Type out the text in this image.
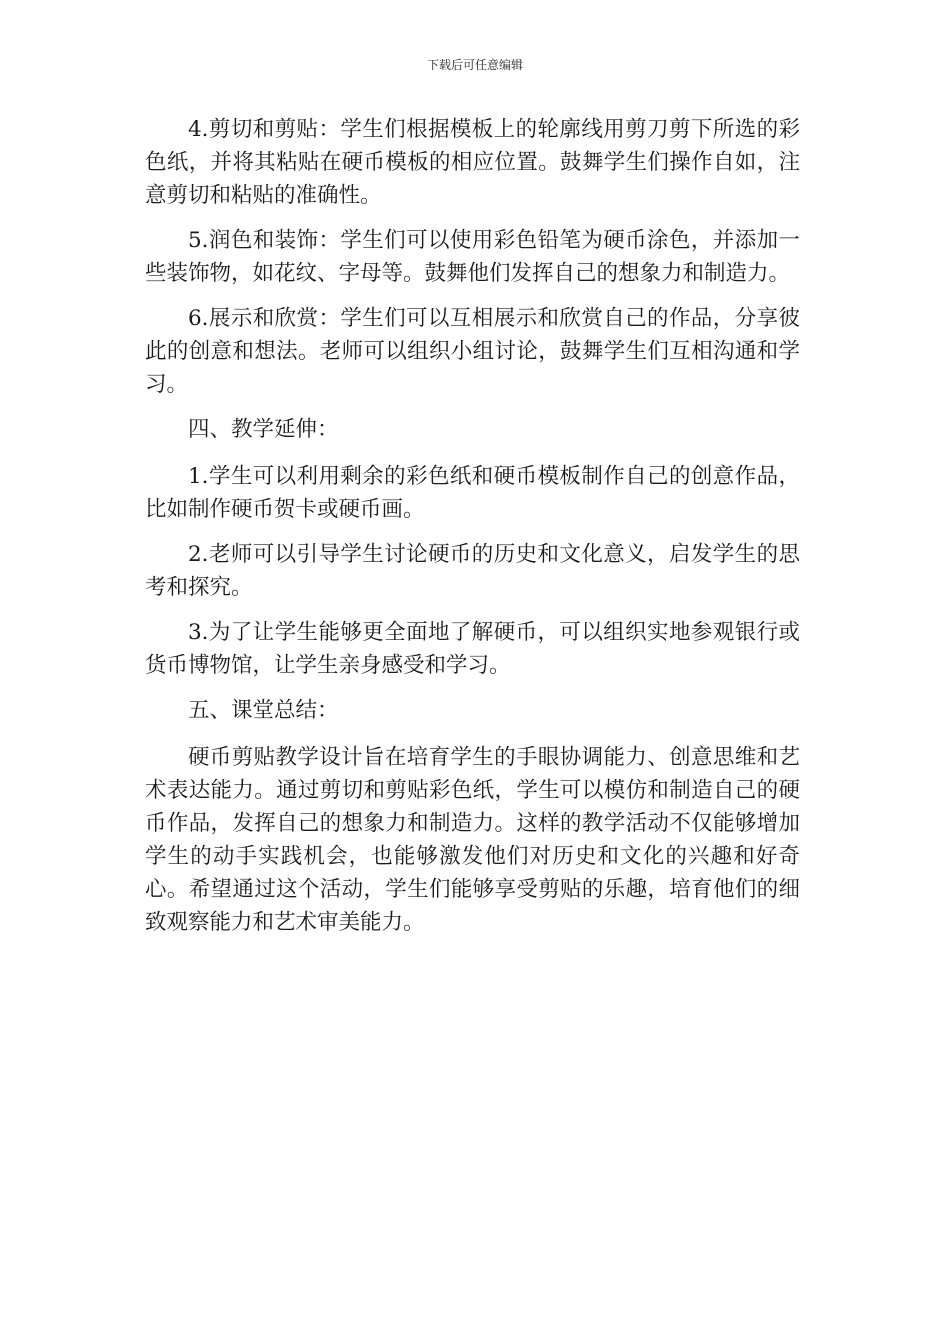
下载后可任意编辑

4.剪切和剪贴：学生们根据模板上的轮廓线用剪刀剪下所选的彩色纸，并将其粘贴在硬币模板的相应位置。鼓舞学生们操作自如，注意剪切和粘贴的准确性。

5.润色和装饰：学生们可以使用彩色铅笔为硬币涂色，并添加一些装饰物，如花纹、字母等。鼓舞他们发挥自己的想象力和制造力。

6.展示和欣赏：学生们可以互相展示和欣赏自己的作品，分享彼此的创意和想法。老师可以组织小组讨论，鼓舞学生们互相沟通和学习。

四、教学延伸：

1.学生可以利用剩余的彩色纸和硬币模板制作自己的创意作品，比如制作硬币贺卡或硬币画。

2.老师可以引导学生讨论硬币的历史和文化意义，启发学生的思考和探究。

3.为了让学生能够更全面地了解硬币，可以组织实地参观银行或货币博物馆，让学生亲身感受和学习。

五、课堂总结：

硬币剪贴教学设计旨在培育学生的手眼协调能力、创意思维和艺术表达能力。通过剪切和剪贴彩色纸，学生可以模仿和制造自己的硬币作品，发挥自己的想象力和制造力。这样的教学活动不仅能够增加学生的动手实践机会，也能够激发他们对历史和文化的兴趣和好奇心。希望通过这个活动，学生们能够享受剪贴的乐趣，培育他们的细致观察能力和艺术审美能力。
